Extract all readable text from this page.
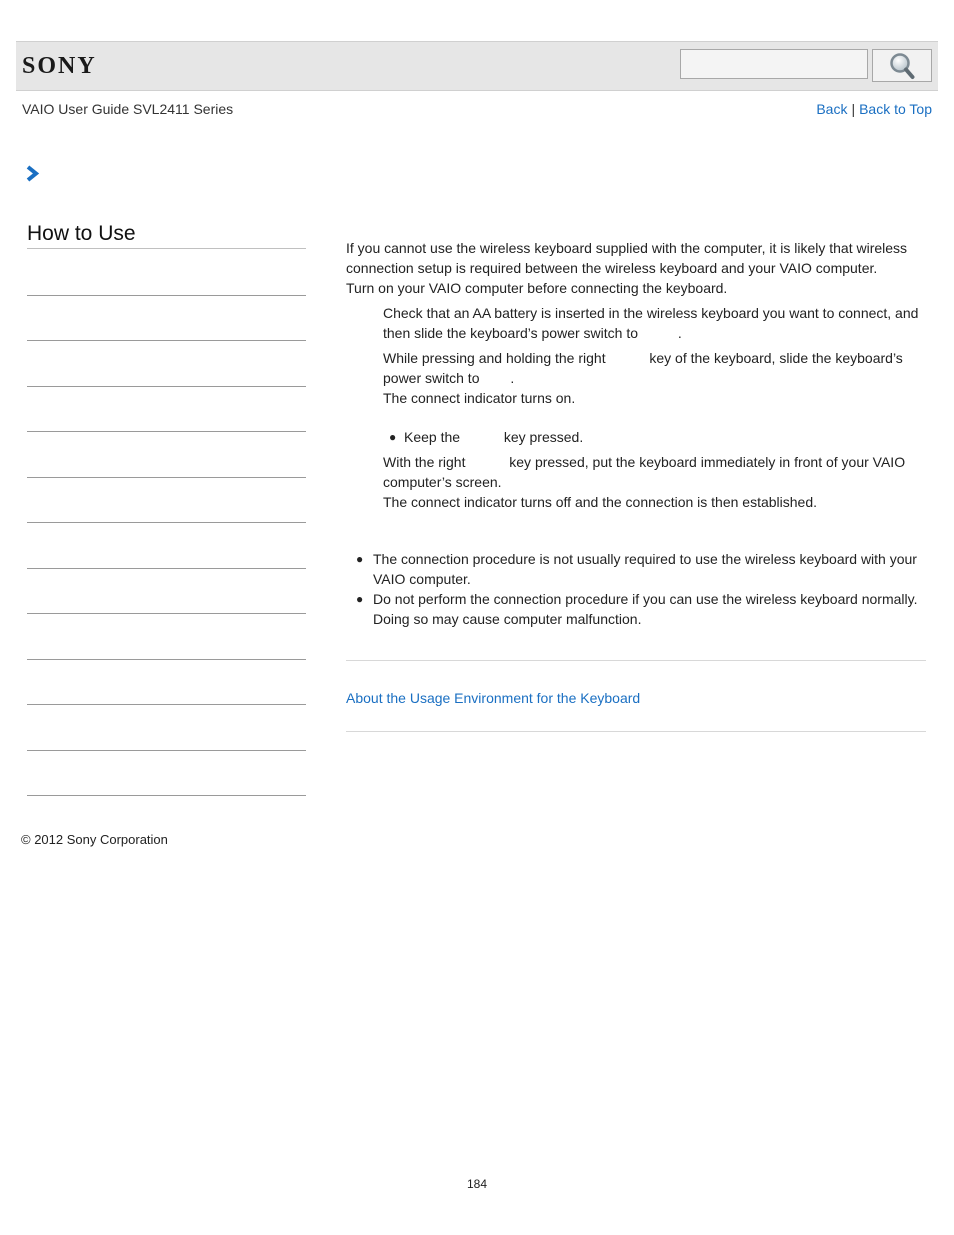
SONY
VAIO User Guide SVL2411 Series	Back | Back to Top
How to Use

If you cannot use the wireless keyboard supplied with the computer, it is likely that wireless connection setup is required between the wireless keyboard and your VAIO computer.

Turn on your VAIO computer before connecting the keyboard.

Check that an AA battery is inserted in the wireless keyboard you want to connect, and then slide the keyboard’s power switch to	.

While pressing and holding the right	key of the keyboard, slide the keyboard’s power switch to .

The connect indicator turns on.

● Keep the	key pressed.

With the right	key pressed, put the keyboard immediately in front of your VAIO computer’s screen.

The connect indicator turns off and the connection is then established.

● The connection procedure is not usually required to use the wireless keyboard with your VAIO computer.
● Do not perform the connection procedure if you can use the wireless keyboard normally. Doing so may cause computer malfunction.
About the Usage Environment for the Keyboard
© 2012 Sony Corporation
184
